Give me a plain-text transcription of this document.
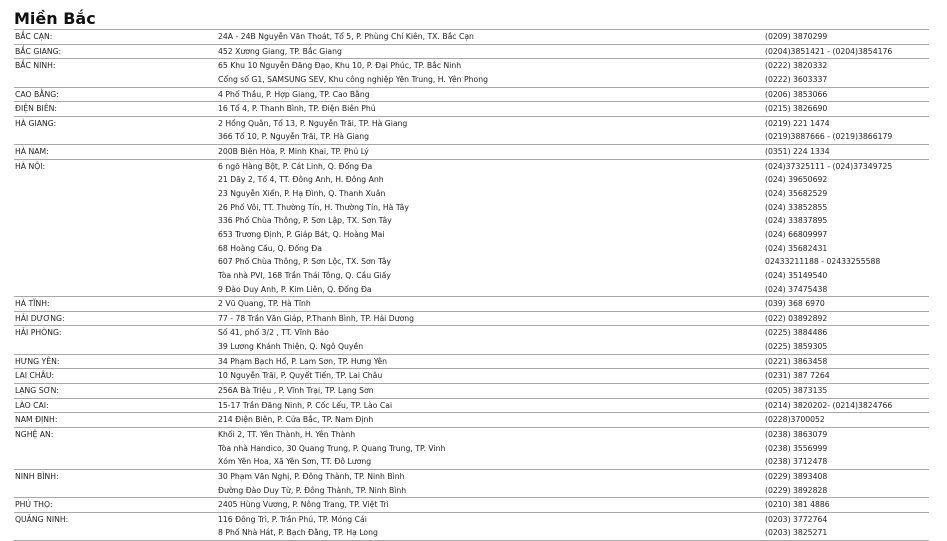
Miền Bắc
BẮC CẠN:	24A - 24B Nguyễn Văn Thoát, Tổ 5, P. Phùng Chí Kiên, TX. Bắc Cạn	(0209) 3870299
BẮC GIANG:	452 Xương Giang, TP. Bắc Giang	(0204)3851421 - (0204)3854176
BẮC NINH:	65 Khu 10 Nguyễn Đăng Đạo, Khu 10, P. Đại Phúc, TP. Bắc Ninh	(0222) 3820332
Cổng số G1, SAMSUNG SEV, Khu công nghiệp Yên Trung, H. Yên Phong	(0222) 3603337
CAO BẰNG:	4 Phố Thầu, P. Hợp Giang, TP. Cao Bằng	(0206) 3853066
ĐIỆN BIÊN:	16 Tổ 4, P. Thanh Bình, TP. Điện Biên Phủ	(0215) 3826690
HÀ GIANG:	2 Hồng Quân, Tổ 13, P. Nguyễn Trãi, TP. Hà Giang	(0219) 221 1474
366 Tổ 10, P. Nguyễn Trãi, TP. Hà Giang	(0219)3887666 - (0219)3866179
HÀ NAM:	200B Biên Hòa, P. Minh Khai, TP. Phủ Lý	(0351) 224 1334
HÀ NỘI:	6 ngõ Hàng Bột, P. Cát Linh, Q. Đống Đa	(024)37325111 - (024)37349725
21 Dãy 2, Tổ 4, TT. Đông Anh, H. Đông Anh	(024) 39650692
23 Nguyễn Xiển, P. Hạ Đình, Q. Thanh Xuân	(024) 35682529
26 Phố Vôi, TT. Thường Tín, H. Thường Tín, Hà Tây	(024) 33852855
336 Phố Chùa Thông, P. Sơn Lập, TX. Sơn Tây	(024) 33837895
653 Trương Định, P. Giáp Bát, Q. Hoàng Mai	(024) 66809997
68 Hoàng Cầu, Q. Đống Đa	(024) 35682431
607 Phố Chùa Thông, P. Sơn Lộc, TX. Sơn Tây	02433211188 - 02433255588
Tòa nhà PVI, 168 Trần Thái Tông, Q. Cầu Giấy	(024) 35149540
9 Đào Duy Anh, P. Kim Liên, Q. Đống Đa	(024) 37475438
HÀ TĨNH:	2 Vũ Quang, TP. Hà Tĩnh	(039) 368 6970
HẢI DƯƠNG:	77 - 78 Trần Văn Giáp, P.Thanh Bình, TP. Hải Dương	(022) 03892892
HẢI PHÒNG:	Số 41, phố 3/2 , TT. Vĩnh Bảo	(0225) 3884486
39 Lương Khánh Thiện, Q. Ngô Quyền	(0225) 3859305
HƯNG YÊN:	34 Phạm Bạch Hổ, P. Lam Sơn, TP. Hưng Yên	(0221) 3863458
LAI CHÂU:	10 Nguyễn Trãi, P. Quyết Tiến, TP. Lai Châu	(0231) 387 7264
LẠNG SƠN:	256A Bà Triệu , P. Vĩnh Trại, TP. Lạng Sơn	(0205) 3873135
LÀO CAI:	15-17 Trần Đăng Ninh, P. Cốc Lếu, TP. Lào Cai	(0214) 3820202- (0214)3824766
NAM ĐỊNH:	214 Điện Biên, P. Cửa Bắc, TP. Nam Định	(0228)3700052
NGHỆ AN:	Khối 2, TT. Yên Thành, H. Yên Thành	(0238) 3863079
Tòa nhà Handico, 30 Quang Trung, P. Quang Trung, TP. Vinh	(0238) 3556999
Xóm Yên Hoa, Xã Yên Sơn, TT. Đô Lương	(0238) 3712478
NINH BÌNH:	30 Phạm Văn Nghị, P. Đông Thành, TP. Ninh Bình	(0229) 3893408
Đường Đào Duy Từ, P. Đông Thành, TP. Ninh Bình	(0229) 3892828
PHÚ THỌ:	2405 Hùng Vương, P. Nông Trang, TP. Việt Trì	(0210) 381 4886
QUẢNG NINH:	116 Đông Trì, P. Trần Phú, TP. Móng Cái	(0203) 3772764
8 Phố Nhà Hát, P. Bạch Đằng, TP. Hạ Long	(0203) 3825271
